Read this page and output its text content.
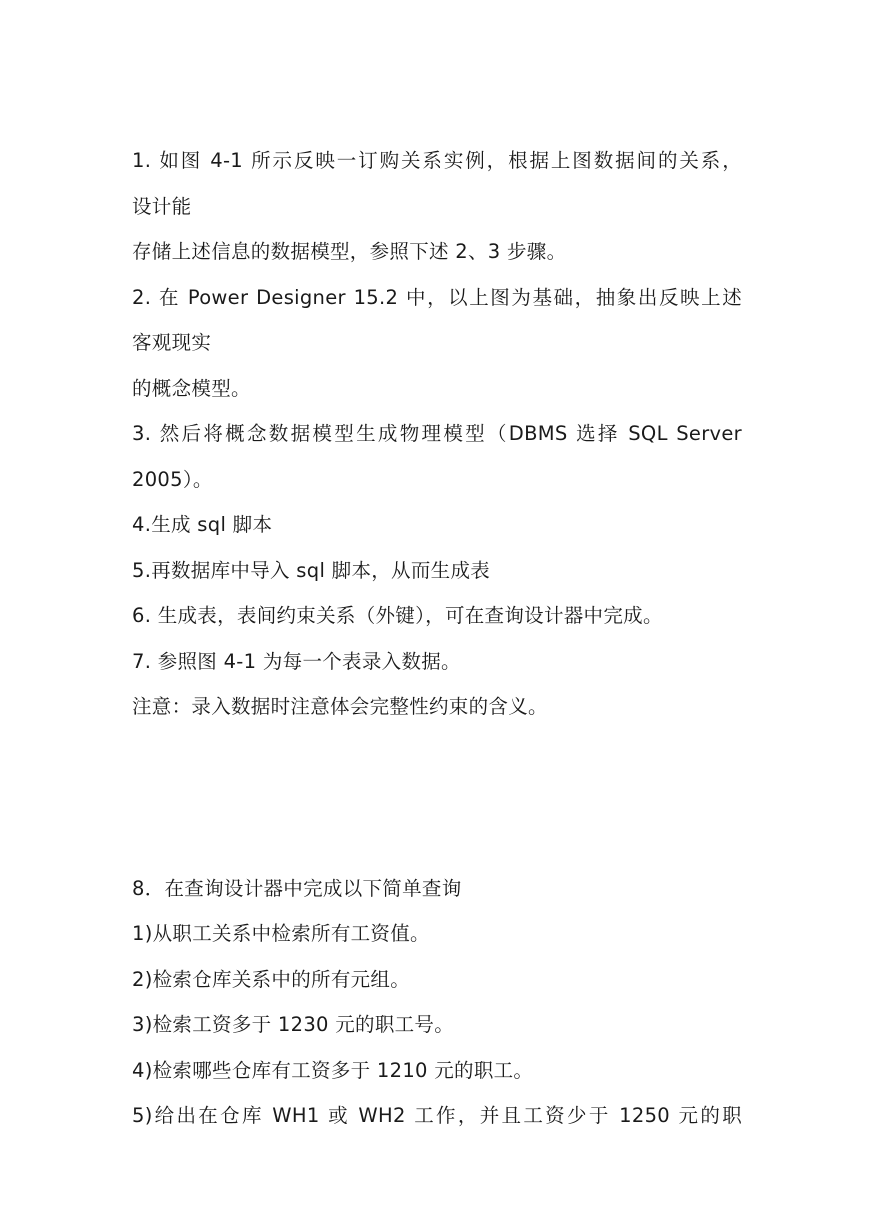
1. 如图 4-1 所示反映一订购关系实例，根据上图数据间的关系，
设计能
存储上述信息的数据模型，参照下述 2、3 步骤。
2. 在 Power Designer 15.2 中，以上图为基础，抽象出反映上述
客观现实
的概念模型。
3. 然后将概念数据模型生成物理模型（DBMS 选择 SQL Server
2005）。
4.生成 sql 脚本
5.再数据库中导入 sql 脚本，从而生成表
6. 生成表，表间约束关系（外键），可在查询设计器中完成。
7. 参照图 4-1 为每一个表录入数据。
注意：录入数据时注意体会完整性约束的含义。
8．在查询设计器中完成以下简单查询
1)从职工关系中检索所有工资值。
2)检索仓库关系中的所有元组。
3)检索工资多于 1230 元的职工号。
4)检索哪些仓库有工资多于 1210 元的职工。
5)给出在仓库 WH1 或 WH2 工作，并且工资少于 1250 元的职
